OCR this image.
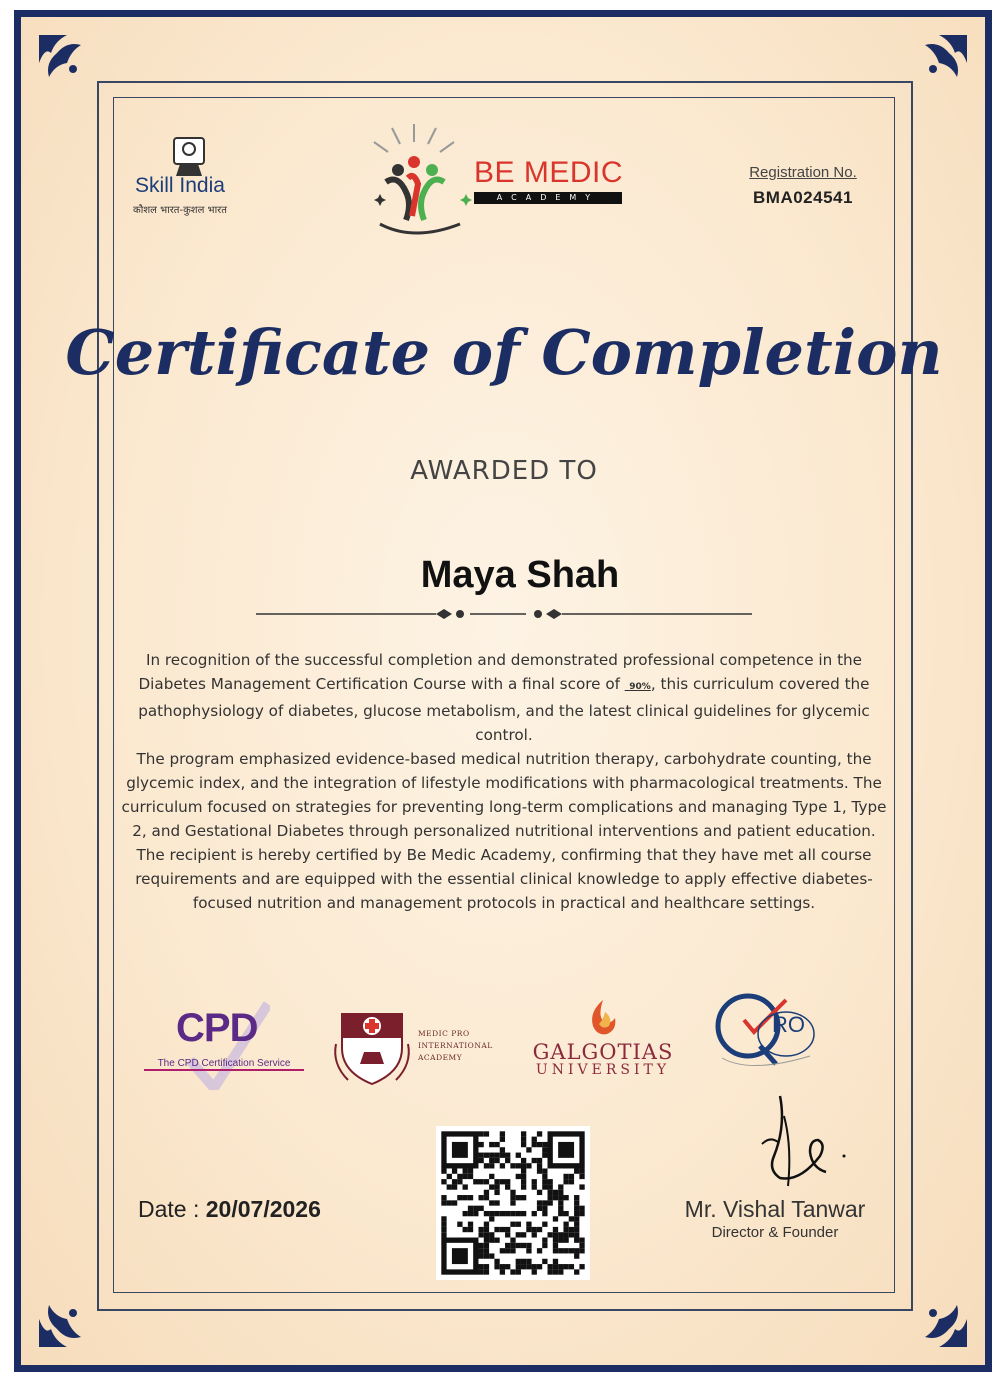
Skill India
कौशल भारत-कुशल भारत
BE MEDIC
ACADEMY
Registration No.
BMA024541
Certificate of Completion
AWARDED TO
Maya Shah

In recognition of the successful completion and demonstrated professional competence in the Diabetes Management Certification Course with a final score of _90%, this curriculum covered the pathophysiology of diabetes, glucose metabolism, and the latest clinical guidelines for glycemic control.

The program emphasized evidence-based medical nutrition therapy, carbohydrate counting, the glycemic index, and the integration of lifestyle modifications with pharmacological treatments. The curriculum focused on strategies for preventing long-term complications and managing Type 1, Type 2, and Gestational Diabetes through personalized nutritional interventions and patient education.

The recipient is hereby certified by Be Medic Academy, confirming that they have met all course requirements and are equipped with the essential clinical knowledge to apply effective diabetes-focused nutrition and management protocols in practical and healthcare settings.

CPD
The CPD Certification Service
MEDIC PRO
INTERNATIONAL
ACADEMY	GALGOTIAS
UNIVERSITY
RO
Date : 20/07/2026	Mr. Vishal Tanwar
Director & Founder
